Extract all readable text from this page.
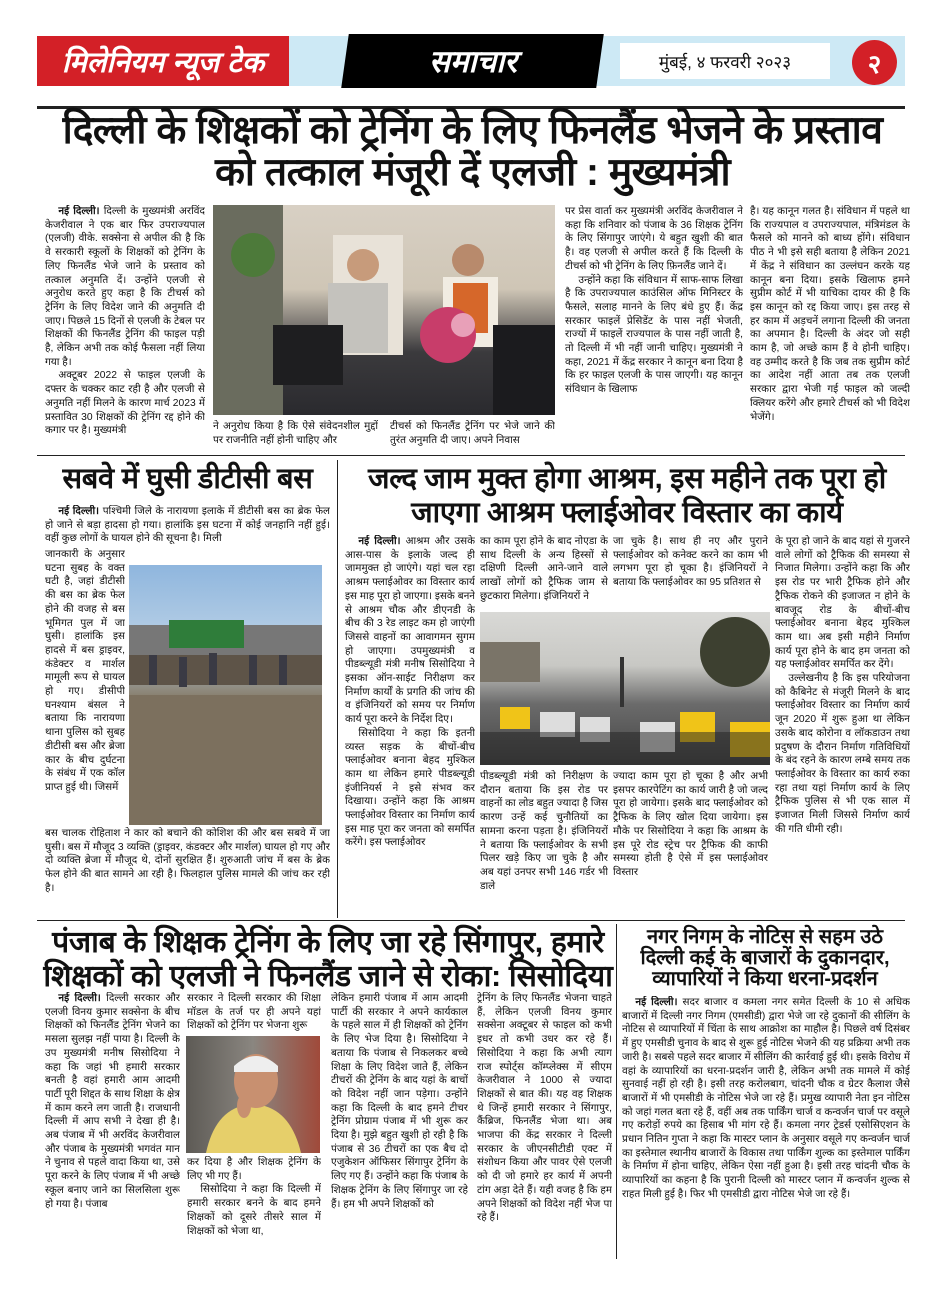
मिलेनियम न्यूज टेक	समाचार	मुंबई, ४ फरवरी २०२३	२
दिल्ली के शिक्षकों को ट्रेनिंग के लिए फिनलैंड भेजने के प्रस्ताव
को तत्काल मंजूरी दें एलजी : मुख्यमंत्री

नई दिल्ली। दिल्ली के मुख्यमंत्री अरविंद केजरीवाल ने एक बार फिर उपराज्यपाल (एलजी) वीके. सक्सेना से अपील की है कि वे सरकारी स्कूलों के शिक्षकों को ट्रेनिंग के लिए फिनलैंड भेजे जाने के प्रस्ताव को तत्काल अनुमति दें। उन्होंने एलजी से अनुरोध करते हुए कहा है कि टीचर्स को ट्रेनिंग के लिए विदेश जाने की अनुमति दी जाए। पिछले 15 दिनों से एलजी के टेबल पर शिक्षकों की फिनलैंड ट्रेनिंग की फाइल पड़ी है, लेकिन अभी तक कोई फैसला नहीं लिया गया है।

अक्टूबर 2022 से फाइल एलजी के दफ्तर के चक्कर काट रही है और एलजी से अनुमति नहीं मिलने के कारण मार्च 2023 में प्रस्तावित 30 शिक्षकों की ट्रेनिंग रद्द होने की कगार पर है। मुख्यमंत्री	ने अनुरोध किया है कि ऐसे संवेदनशील मुद्दों पर राजनीति नहीं होनी चाहिए और
टीचर्स को फिनलैंड ट्रेनिंग पर भेजे जाने की तुरंत अनुमति दी जाए। अपने निवास

पर प्रेस वार्ता कर मुख्यमंत्री अरविंद केजरीवाल ने कहा कि शनिवार को पंजाब के 36 शिक्षक ट्रेनिंग के लिए सिंगापुर जाएंगे। ये बहुत खुशी की बात है। वह एलजी से अपील करते हैं कि दिल्ली के टीचर्स को भी ट्रेनिंग के लिए फ़िनलैंड जाने दें।

उन्होंने कहा कि संविधान में साफ-साफ लिखा है कि उपराज्यपाल काउंसिल ऑफ मिनिस्टर के फैसले, सलाह मानने के लिए बंधे हुए हैं। केंद्र सरकार फाइलें प्रेसिडेंट के पास नहीं भेजती, राज्यों में फाइलें राज्यपाल के पास नहीं जाती है, तो दिल्ली में भी नहीं जानी चाहिए। मुख्यमंत्री ने कहा, 2021 में केंद्र सरकार ने कानून बना दिया है कि हर फाइल एलजी के पास जाएगी। यह कानून संविधान के खिलाफ

है। यह कानून गलत है। संविधान में पहले था कि राज्यपाल व उपराज्यपाल, मंत्रिमंडल के फैसले को मानने को बाध्य होंगे। संविधान पीठ ने भी इसे सही बताया है लेकिन 2021 में केंद्र ने संविधान का उल्लंघन करके यह कानून बना दिया। इसके खिलाफ हमने सुप्रीम कोर्ट में भी याचिका दायर की है कि इस कानून को रद्द किया जाए। इस तरह से हर काम में अड़चनें लगाना दिल्ली की जनता का अपमान है। दिल्ली के अंदर जो सही काम है, जो अच्छे काम हैं वे होनी चाहिए। वह उम्मीद करते है कि जब तक सुप्रीम कोर्ट का आदेश नहीं आता तब तक एलजी सरकार द्वारा भेजी गई फाइल को जल्दी क्लियर करेंगे और हमारे टीचर्स को भी विदेश भेजेंगे।

सबवे में घुसी डीटीसी बस

नई दिल्ली। पश्चिमी जिले के नारायणा इलाके में डीटीसी बस का ब्रेक फेल हो जाने से बड़ा हादसा हो गया। हालांकि इस घटना में कोई जनहानि नहीं हुई। वहीं कुछ लोगों के घायल होने की सूचना है। मिली

जानकारी के अनुसार घटना सुबह के वक्त घटी है, जहां डीटीसी की बस का ब्रेक फेल होने की वजह से बस भूमिगत पुल में जा घुसी। हालांकि इस हादसे में बस ड्राइवर, कंडेक्टर व मार्शल मामूली रूप से घायल हो गए। डीसीपी घनश्याम बंसल ने बताया कि नारायणा थाना पुलिस को सुबह डीटीसी बस और ब्रेजा कार के बीच दुर्घटना के संबंध में एक कॉल प्राप्त हुई थी। जिसमें
बस चालक रोहिताश ने कार को बचाने की कोशिश की और बस सबवे में जा घुसी। बस में मौजूद 3 व्यक्ति (ड्राइवर, कंडक्टर और मार्शल) घायल हो गए और दो व्यक्ति ब्रेजा में मौजूद थे, दोनों सुरक्षित हैं। शुरुआती जांच में बस के ब्रेक फेल होने की बात सामने आ रही है। फिलहाल पुलिस मामले की जांच कर रही है।
जल्द जाम मुक्त होगा आश्रम, इस महीने तक पूरा हो
जाएगा आश्रम फ्लाईओवर विस्तार का कार्य

नई दिल्ली। आश्रम और उसके आस-पास के इलाके जल्द ही जाममुक्त हो जाएंगे। यहां चल रहा आश्रम फ्लाईओवर का विस्तार कार्य इस माह पूरा हो जाएगा। इसके बनने से आश्रम चौक और डीएनडी के बीच की 3 रेड लाइट कम हो जाएंगी जिससे वाहनों का आवागमन सुगम हो जाएगा। उपमुख्यमंत्री व पीडब्ल्यूडी मंत्री मनीष सिसोदिया ने इसका ऑन-साईट निरीक्षण कर निर्माण कार्यों के प्रगति की जांच की व इंजिनियरों को समय पर निर्माण कार्य पूरा करने के निर्देश दिए।

सिसोदिया ने कहा कि इतनी व्यस्त सड़क के बीचों-बीच फ्लाईओवर बनाना बेहद मुश्किल काम था लेकिन हमारे पीडब्ल्यूडी इंजीनियर्स ने इसे संभव कर दिखाया। उन्होंने कहा कि आश्रम फ्लाईओवर विस्तार का निर्माण कार्य इस माह पूरा कर जनता को समर्पित करेंगे। इस फ्लाईओवर

का काम पूरा होने के बाद नोएडा के साथ दिल्ली के अन्य हिस्सों से दक्षिणी दिल्ली आने-जाने वाले लाखों लोगों को ट्रैफिक जाम से छुटकारा मिलेगा। इंजिनियरों ने
जा चुके है। साथ ही नए और पुराने फ्लाईओवर को कनेक्ट करने का काम भी लगभग पूरा हो चूका है। इंजिनियरों ने बताया कि फ्लाईओवर का 95 प्रतिशत से
पीडब्ल्यूडी मंत्री को निरीक्षण के दौरान बताया कि इस रोड पर वाहनों का लोड बहुत ज्यादा है जिस कारण उन्हें कई चुनौतियों का सामना करना पड़ता है। इंजिनियरों ने बताया कि फ्लाईओवर के सभी पिलर खड़े किए जा चुके है और अब यहां उनपर सभी 146 गर्डर भी डाले
ज्यादा काम पूरा हो चूका है और अभी इसपर कारपेटिंग का कार्य जारी है जो जल्द पूरा हो जायेगा। इसके बाद फ्लाईओवर को ट्रैफिक के लिए खोल दिया जायेगा। इस मौके पर सिसोदिया ने कहा कि आश्रम के इस पूरे रोड स्ट्रेच पर ट्रैफिक की काफी समस्या होती है ऐसे में इस फ्लाईओवर विस्तार

के पूरा हो जाने के बाद यहां से गुजरने वाले लोगों को ट्रैफिक की समस्या से निजात मिलेगा। उन्होंने कहा कि और इस रोड पर भारी ट्रैफिक होने और ट्रैफिक रोकने की इजाजत न होने के बावजूद रोड के बीचों-बीच फ्लाईओवर बनाना बेहद मुश्किल काम था। अब इसी महीने निर्माण कार्य पूरा होने के बाद हम जनता को यह फ्लाईओवर समर्पित कर देंगे।

उल्लेखनीय है कि इस परियोजना को कैबिनेट से मंजूरी मिलने के बाद फ्लाईओवर विस्तार का निर्माण कार्य जून 2020 में शुरू हुआ था लेकिन उसके बाद कोरोना व लॉकडाउन तथा प्रदुषण के दौरान निर्माण गतिविधियों के बंद रहने के कारण लम्बे समय तक फ्लाईओवर के विस्तार का कार्य रुका रहा तथा यहां निर्माण कार्य के लिए ट्रैफिक पुलिस से भी एक साल में इजाजत मिली जिससे निर्माण कार्य की गति धीमी रही।

पंजाब के शिक्षक ट्रेनिंग के लिए जा रहे सिंगापुर, हमारे
शिक्षकों को एलजी ने फिनलैंड जाने से रोका: सिसोदिया

नई दिल्ली। दिल्ली सरकार और एलजी विनय कुमार सक्सेना के बीच शिक्षकों को फिनलैंड ट्रेनिंग भेजने का मसला सुलझ नहीं पाया है। दिल्ली के उप मुख्यमंत्री मनीष सिसोदिया ने कहा कि जहां भी हमारी सरकार बनती है वहां हमारी आम आदमी पार्टी पूरी शिद्दत के साथ शिक्षा के क्षेत्र में काम करने लग जाती है। राजधानी दिल्ली में आप सभी ने देखा ही है। अब पंजाब में भी अरविंद केजरीवाल और पंजाब के मुख्यमंत्री भगवंत मान ने चुनाव से पहले वादा किया था, उसे पूरा करने के लिए पंजाब में भी अच्छे स्कूल बनाए जाने का सिलसिला शुरू हो गया है। पंजाब

सरकार ने दिल्ली सरकार की शिक्षा मॉडल के तर्ज पर ही अपने यहां शिक्षकों को ट्रेनिंग पर भेजना शुरू

कर दिया है और शिक्षक ट्रेनिंग के लिए भी गए हैं।

सिसोदिया ने कहा कि दिल्ली में हमारी सरकार बनने के बाद हमने शिक्षकों को दूसरे तीसरे साल में शिक्षकों को भेजा था,

लेकिन हमारी पंजाब में आम आदमी पार्टी की सरकार ने अपने कार्यकाल के पहले साल में ही शिक्षकों को ट्रेनिंग के लिए भेज दिया है। सिसोदिया ने बताया कि पंजाब से निकलकर बच्चे शिक्षा के लिए विदेश जाते हैं, लेकिन टीचरों की ट्रेनिंग के बाद यहां के बाचों को विदेश नहीं जान पड़ेगा। उन्होंने कहा कि दिल्ली के बाद हमने टीचर ट्रेनिंग प्रोग्राम पंजाब में भी शुरू कर दिया है। मुझे बहुत खुशी हो रही है कि पंजाब से 36 टीचरों का एक बैच दो एजुकेशन ऑफिसर सिंगापुर ट्रेनिंग के लिए गए हैं। उन्होंने कहा कि पंजाब के शिक्षक ट्रेनिंग के लिए सिंगापुर जा रहे हैं। हम भी अपने शिक्षकों को
ट्रेनिंग के लिए फिनलैंड भेजना चाहते हैं, लेकिन एलजी विनय कुमार सक्सेना अक्टूबर से फाइल को कभी इधर तो कभी उधर कर रहे हैं। सिसोदिया ने कहा कि अभी त्याग राज स्पोर्ट्स कॉम्प्लेक्स में सीएम केजरीवाल ने 1000 से ज्यादा शिक्षकों से बात की। यह वह शिक्षक थे जिन्हें हमारी सरकार ने सिंगापुर, कैंब्रिज, फिनलैंड भेजा था। अब भाजपा की केंद्र सरकार ने दिल्ली सरकार के जीएनसीटीडी एक्ट में संशोधन किया और पावर ऐसे एलजी को दी जो हमारे हर कार्य में अपनी टांग अड़ा देते हैं। यही वजह है कि हम अपने शिक्षकों को विदेश नहीं भेज पा रहे हैं।
नगर निगम के नोटिस से सहम उठे
दिल्ली कई के बाजारों के दुकानदार,
व्यापारियों ने किया धरना-प्रदर्शन

नई दिल्ली। सदर बाजार व कमला नगर समेत दिल्ली के 10 से अधिक बाजारों में दिल्ली नगर निगम (एमसीडी) द्वारा भेजे जा रहे दुकानों की सीलिंग के नोटिस से व्यापारियों में चिंता के साथ आक्रोश का माहौल है। पिछले वर्ष दिसंबर में हुए एमसीडी चुनाव के बाद से शुरू हुई नोटिस भेजने की यह प्रक्रिया अभी तक जारी है। सबसे पहले सदर बाजार में सीलिंग की कार्रवाई हुई थी। इसके विरोध में वहां के व्यापारियों का धरना-प्रदर्शन जारी है, लेकिन अभी तक मामले में कोई सुनवाई नहीं हो रही है। इसी तरह करोलबाग, चांदनी चौक व ग्रेटर कैलाश जैसे बाजारों में भी एमसीडी के नोटिस भेजे जा रहे हैं। प्रमुख व्यापारी नेता इन नोटिस को जहां गलत बता रहे हैं, वहीं अब तक पार्किंग चार्ज व कन्वर्जन चार्ज पर वसूले गए करोड़ों रुपये का हिसाब भी मांग रहे हैं। कमला नगर ट्रेडर्स एसोसिएशन के प्रधान नितिन गुप्ता ने कहा कि मास्टर प्लान के अनुसार वसूले गए कन्वर्जन चार्ज का इस्तेमाल स्थानीय बाजारों के विकास तथा पार्किंग शुल्क का इस्तेमाल पार्किंग के निर्माण में होना चाहिए, लेकिन ऐसा नहीं हुआ है। इसी तरह चांदनी चौक के व्यापारियों का कहना है कि पुरानी दिल्ली को मास्टर प्लान में कन्वर्जन शुल्क से राहत मिली हुई है। फिर भी एमसीडी द्वारा नोटिस भेजे जा रहे हैं।
